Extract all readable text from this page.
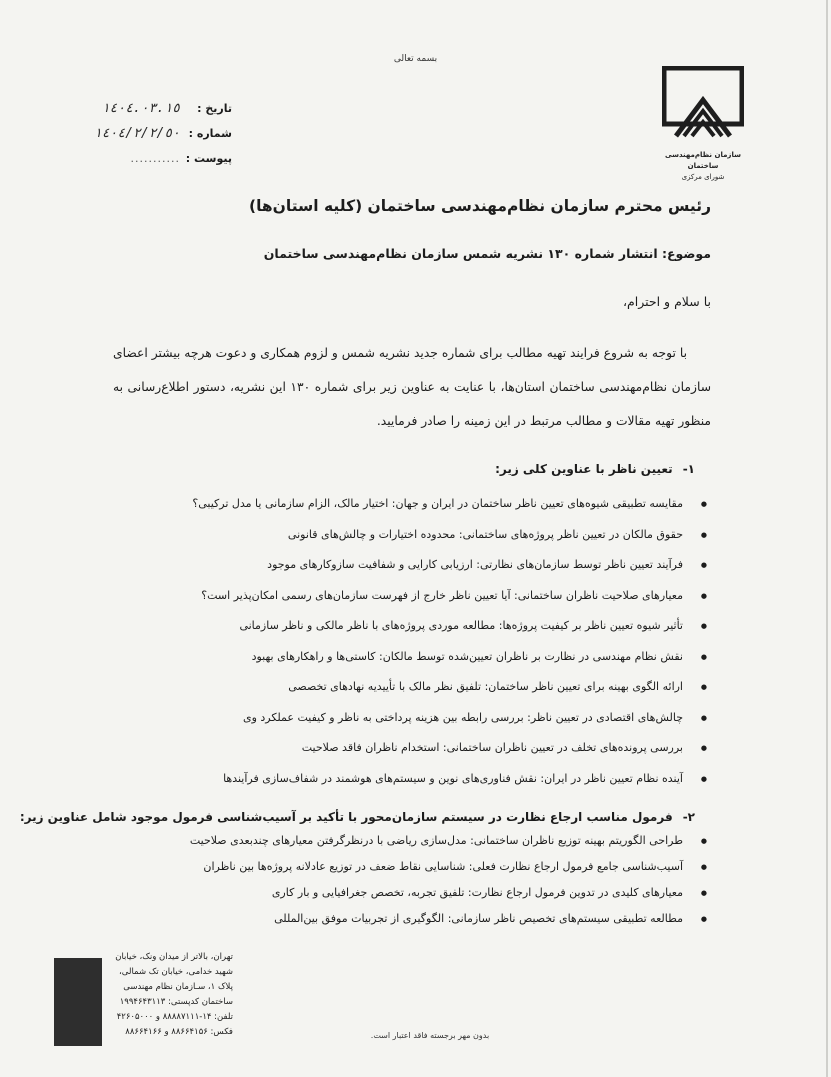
بسمه تعالی
سازمان نظام‌مهندسی ساختمان
شورای مرکزی
تاریخ :
١٤٠٤.٠٣.١٥
شماره :
١٤٠٤/٢/٢/٥٠
پیوست :
...........
رئیس محترم سازمان نظام‌مهندسی ساختمان (کلیه استان‌ها)
موضوع: انتشار شماره ۱۳۰ نشریه شمس سازمان نظام‌مهندسی ساختمان
با سلام و احترام،
با توجه به شروع فرایند تهیه مطالب برای شماره جدید نشریه شمس و لزوم همکاری و دعوت هرچه بیشتر اعضای سازمان نظام‌مهندسی ساختمان استان‌ها، با عنایت به عناوین زیر برای شماره ۱۳۰ این نشریه، دستور اطلاع‌رسانی به منظور تهیه مقالات و مطالب مرتبط در این زمینه را صادر فرمایید.
۱-تعیین ناظر با عناوین کلی زیر:
● مقایسه تطبیقی شیوه‌های تعیین ناظر ساختمان در ایران و جهان: اختیار مالک، الزام سازمانی یا مدل ترکیبی؟
● حقوق مالکان در تعیین ناظر پروژه‌های ساختمانی: محدوده اختیارات و چالش‌های قانونی
● فرآیند تعیین ناظر توسط سازمان‌های نظارتی: ارزیابی کارایی و شفافیت سازوکارهای موجود
● معیارهای صلاحیت ناظران ساختمانی: آیا تعیین ناظر خارج از فهرست سازمان‌های رسمی امکان‌پذیر است؟
● تأثیر شیوه تعیین ناظر بر کیفیت پروژه‌ها: مطالعه موردی پروژه‌های با ناظر مالکی و ناظر سازمانی
● نقش نظام مهندسی در نظارت بر ناظران تعیین‌شده توسط مالکان: کاستی‌ها و راهکارهای بهبود
● ارائه الگوی بهینه برای تعیین ناظر ساختمان: تلفیق نظر مالک با تأییدیه نهادهای تخصصی
● چالش‌های اقتصادی در تعیین ناظر: بررسی رابطه بین هزینه پرداختی به ناظر و کیفیت عملکرد وی
● بررسی پرونده‌های تخلف در تعیین ناظران ساختمانی: استخدام ناظران فاقد صلاحیت
● آینده نظام تعیین ناظر در ایران: نقش فناوری‌های نوین و سیستم‌های هوشمند در شفاف‌سازی فرآیندها
۲-فرمول مناسب ارجاع نظارت در سیستم سازمان‌محور با تأکید بر آسیب‌شناسی فرمول موجود شامل عناوین زیر:
● طراحی الگوریتم بهینه توزیع ناظران ساختمانی: مدل‌سازی ریاضی با درنظرگرفتن معیارهای چندبعدی صلاحیت
● آسیب‌شناسی جامع فرمول ارجاع نظارت فعلی: شناسایی نقاط ضعف در توزیع عادلانه پروژه‌ها بین ناظران
● معیارهای کلیدی در تدوین فرمول ارجاع نظارت: تلفیق تجربه، تخصص جغرافیایی و بار کاری
● مطالعه تطبیقی سیستم‌های تخصیص ناظر سازمانی: الگوگیری از تجربیات موفق بین‌المللی
تهران، بالاتر از میدان ونک، خیابان
شهید خدامی، خیابان تک شمالی،
پلاک ۱، سـازمان نظام مهندسی
ساختمان کدپستی: ۱۹۹۴۶۴۳۱۱۳
تلفن: ۱۴-۸۸۸۸۷۱۱۱ و ۴۲۶۰۵۰۰۰
فکس: ۸۸۶۶۴۱۵۶ و ۸۸۶۶۴۱۶۶	بدون مهر برجسته فاقد اعتبار است.
